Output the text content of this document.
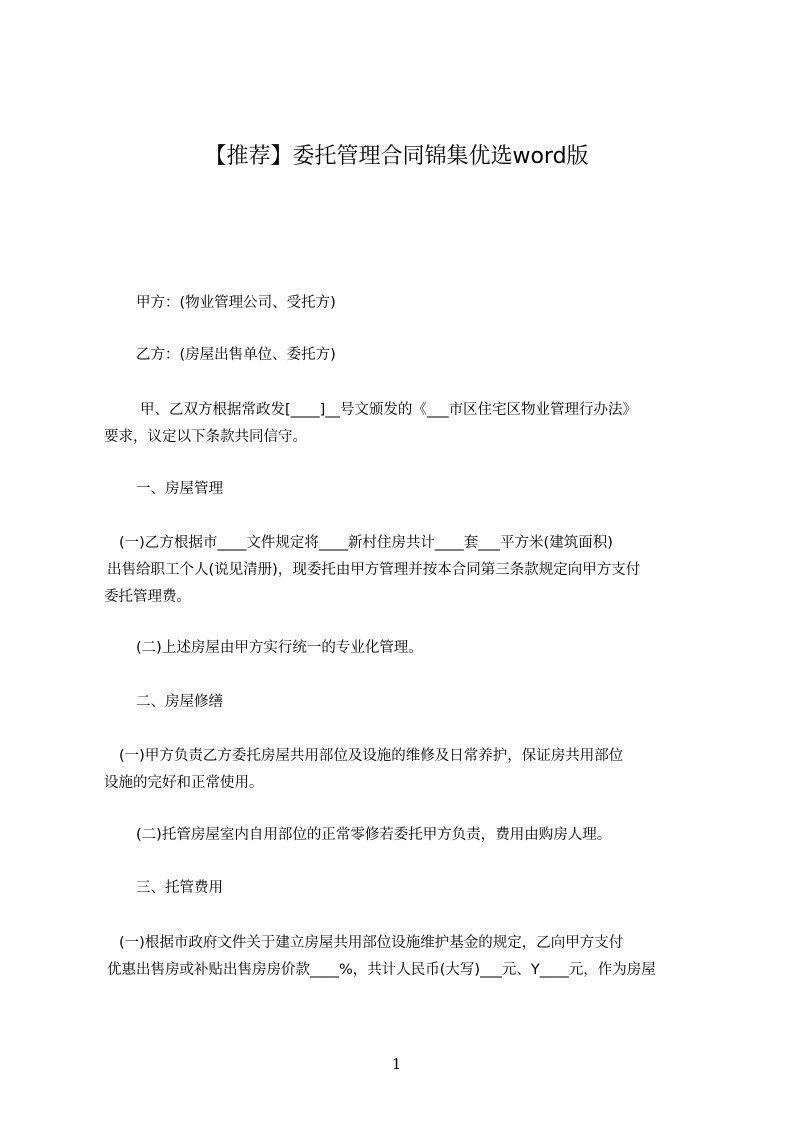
【推荐】委托管理合同锦集优选word版
甲方：(物业管理公司、受托方)
乙方：(房屋出售单位、委托方)
甲、乙双方根据常政发[____]__号文颁发的《___市区住宅区物业管理行办法》
要求，议定以下条款共同信守。
一、房屋管理
(一)乙方根据市____文件规定将____新村住房共计____套___平方米(建筑面积)
出售给职工个人(说见清册)，现委托由甲方管理并按本合同第三条款规定向甲方支付
委托管理费。
(二)上述房屋由甲方实行统一的专业化管理。
二、房屋修缮
(一)甲方负责乙方委托房屋共用部位及设施的维修及日常养护，保证房共用部位
设施的完好和正常使用。
(二)托管房屋室内自用部位的正常零修若委托甲方负责，费用由购房人理。
三、托管费用
(一)根据市政府文件关于建立房屋共用部位设施维护基金的规定，乙向甲方支付
优惠出售房或补贴出售房房价款____%，共计人民币(大写)___元、Y____元，作为房屋
1
